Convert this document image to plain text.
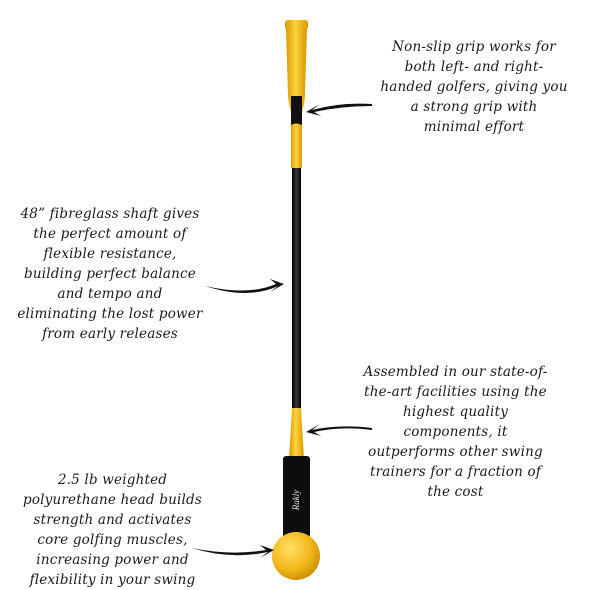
Rakly
Non-slip grip works for
both left- and right-
handed golfers, giving you
a strong grip with
minimal effort
48” fibreglass shaft gives
the perfect amount of
flexible resistance,
building perfect balance
and tempo and
eliminating the lost power
from early releases
Assembled in our state-of-
the-art facilities using the
highest quality
components, it
outperforms other swing
trainers for a fraction of
the cost
2.5 lb weighted
polyurethane head builds
strength and activates
core golfing muscles,
increasing power and
flexibility in your swing
